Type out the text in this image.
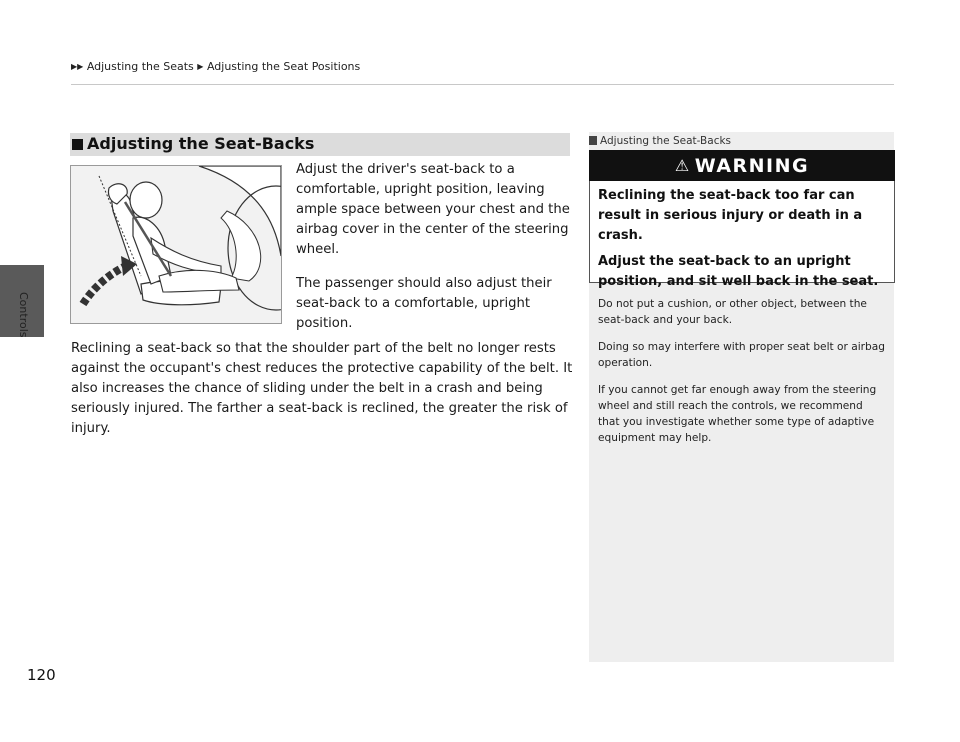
Controls
▶▶ Adjusting the Seats ▶ Adjusting the Seat Positions
Adjusting the Seat-Backs

Adjust the driver's seat-back to a comfortable, upright position, leaving ample space between your chest and the airbag cover in the center of the steering wheel.

The passenger should also adjust their seat-back to a comfortable, upright position.

Reclining a seat-back so that the shoulder part of the belt no longer rests against the occupant's chest reduces the protective capability of the belt. It also increases the chance of sliding under the belt in a crash and being seriously injured. The farther a seat-back is reclined, the greater the risk of injury.
Adjusting the Seat-Backs
⚠ WARNING

Reclining the seat-back too far can result in serious injury or death in a crash.

Adjust the seat-back to an upright position, and sit well back in the seat.

Do not put a cushion, or other object, between the seat-back and your back.

Doing so may interfere with proper seat belt or airbag operation.

If you cannot get far enough away from the steering wheel and still reach the controls, we recommend that you investigate whether some type of adaptive equipment may help.

120
